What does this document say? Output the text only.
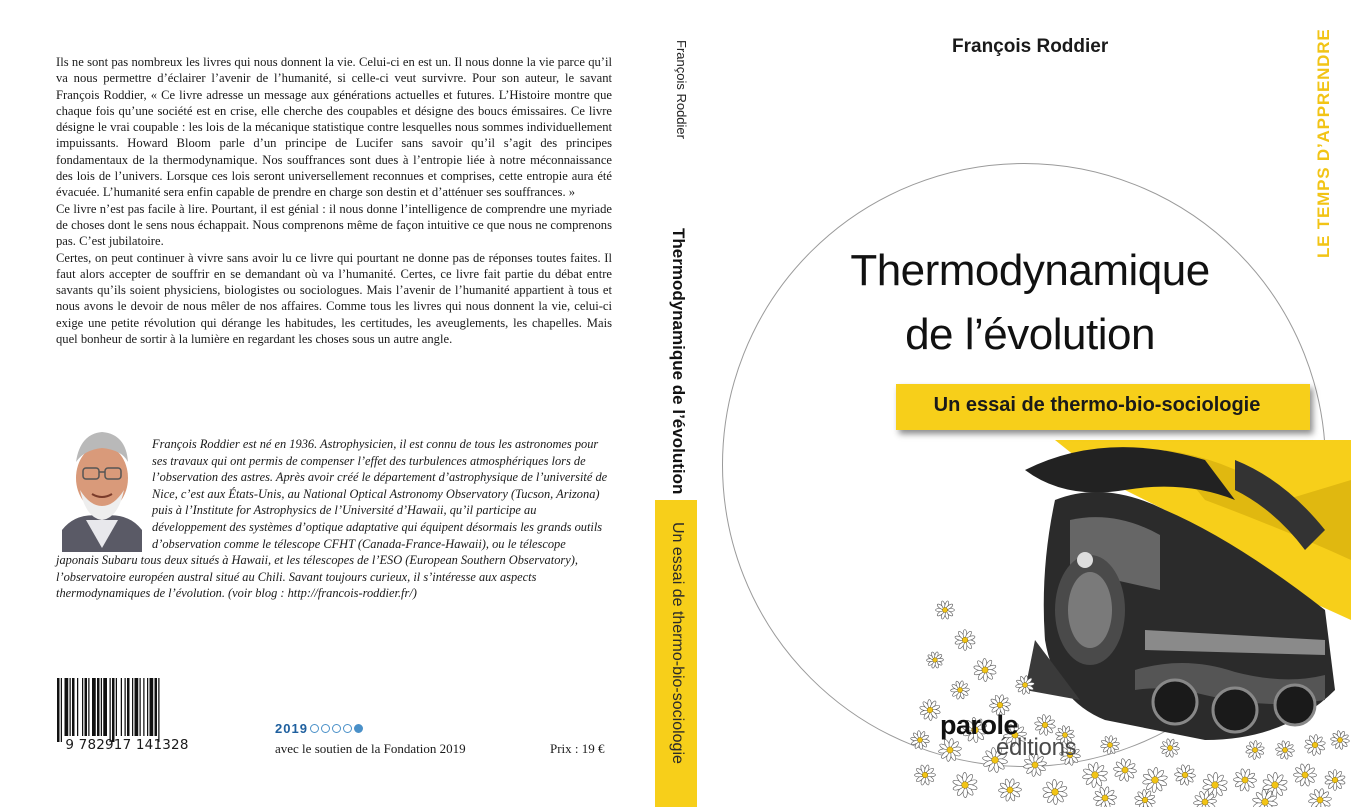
Ils ne sont pas nombreux les livres qui nous donnent la vie. Celui-ci en est un. Il nous donne la vie parce qu’il va nous permettre d’éclairer l’avenir de l’humanité, si celle-ci veut survivre. Pour son auteur, le savant François Roddier, « Ce livre adresse un message aux générations actuelles et futures. L’Histoire montre que chaque fois qu’une société est en crise, elle cherche des coupables et désigne des boucs émissaires. Ce livre désigne le vrai coupable : les lois de la mécanique statistique contre lesquelles nous sommes individuellement impuissants. Howard Bloom parle d’un principe de Lucifer sans savoir qu’il s’agit des principes fondamentaux de la thermodynamique. Nos souffrances sont dues à l’entropie liée à notre méconnaissance des lois de l’univers. Lorsque ces lois seront universellement reconnues et comprises, cette entropie aura été évacuée. L’humanité sera enfin capable de prendre en charge son destin et d’atténuer ses souffrances. »

Ce livre n’est pas facile à lire. Pourtant, il est génial : il nous donne l’intelligence de comprendre une myriade de choses dont le sens nous échappait. Nous comprenons même de façon intuitive ce que nous ne comprenons pas. C’est jubilatoire.

Certes, on peut continuer à vivre sans avoir lu ce livre qui pourtant ne donne pas de réponses toutes faites. Il faut alors accepter de souffrir en se demandant où va l’humanité. Certes, ce livre fait partie du débat entre savants qu’ils soient physiciens, biologistes ou sociologues. Mais l’avenir de l’humanité appartient à tous et nous avons le devoir de nous mêler de nos affaires. Comme tous les livres qui nous donnent la vie, celui-ci exige une petite révolution qui dérange les habitudes, les certitudes, les aveuglements, les chapelles. Mais quel bonheur de sortir à la lumière en regardant les choses sous un autre angle.

François Roddier est né en 1936. Astrophysicien, il est connu de tous les astronomes pour ses travaux qui ont permis de compenser l’effet des turbulences atmosphériques lors de l’observation des astres. Après avoir créé le département d’astrophysique de l’université de Nice, c’est aux États-Unis, au National Optical Astronomy Observatory (Tucson, Arizona) puis à l’Institute for Astrophysics de l’Université d’Hawaii, qu’il participe au développement des systèmes d’optique adaptative qui équipent désormais les grands outils d’observation comme le télescope CFHT (Canada-France-Hawaii), ou le télescope japonais Subaru tous deux situés à Hawaii, et les télescopes de l’ESO (European Southern Observatory), l’observatoire européen austral situé au Chili. Savant toujours curieux, il s’intéresse aux aspects thermodynamiques de l’évolution. (voir blog : http://francois-roddier.fr/)
9 782917 141328
2019
avec le soutien de la Fondation 2019	Prix : 19 €
François Roddier
Thermodynamique de l’évolution
Un essai de thermo-bio-sociologie
François Roddier	LE TEMPS D’APPRENDRE
Thermodynamique
de l’évolution
Un essai de thermo-bio-sociologie
parole
éditions
